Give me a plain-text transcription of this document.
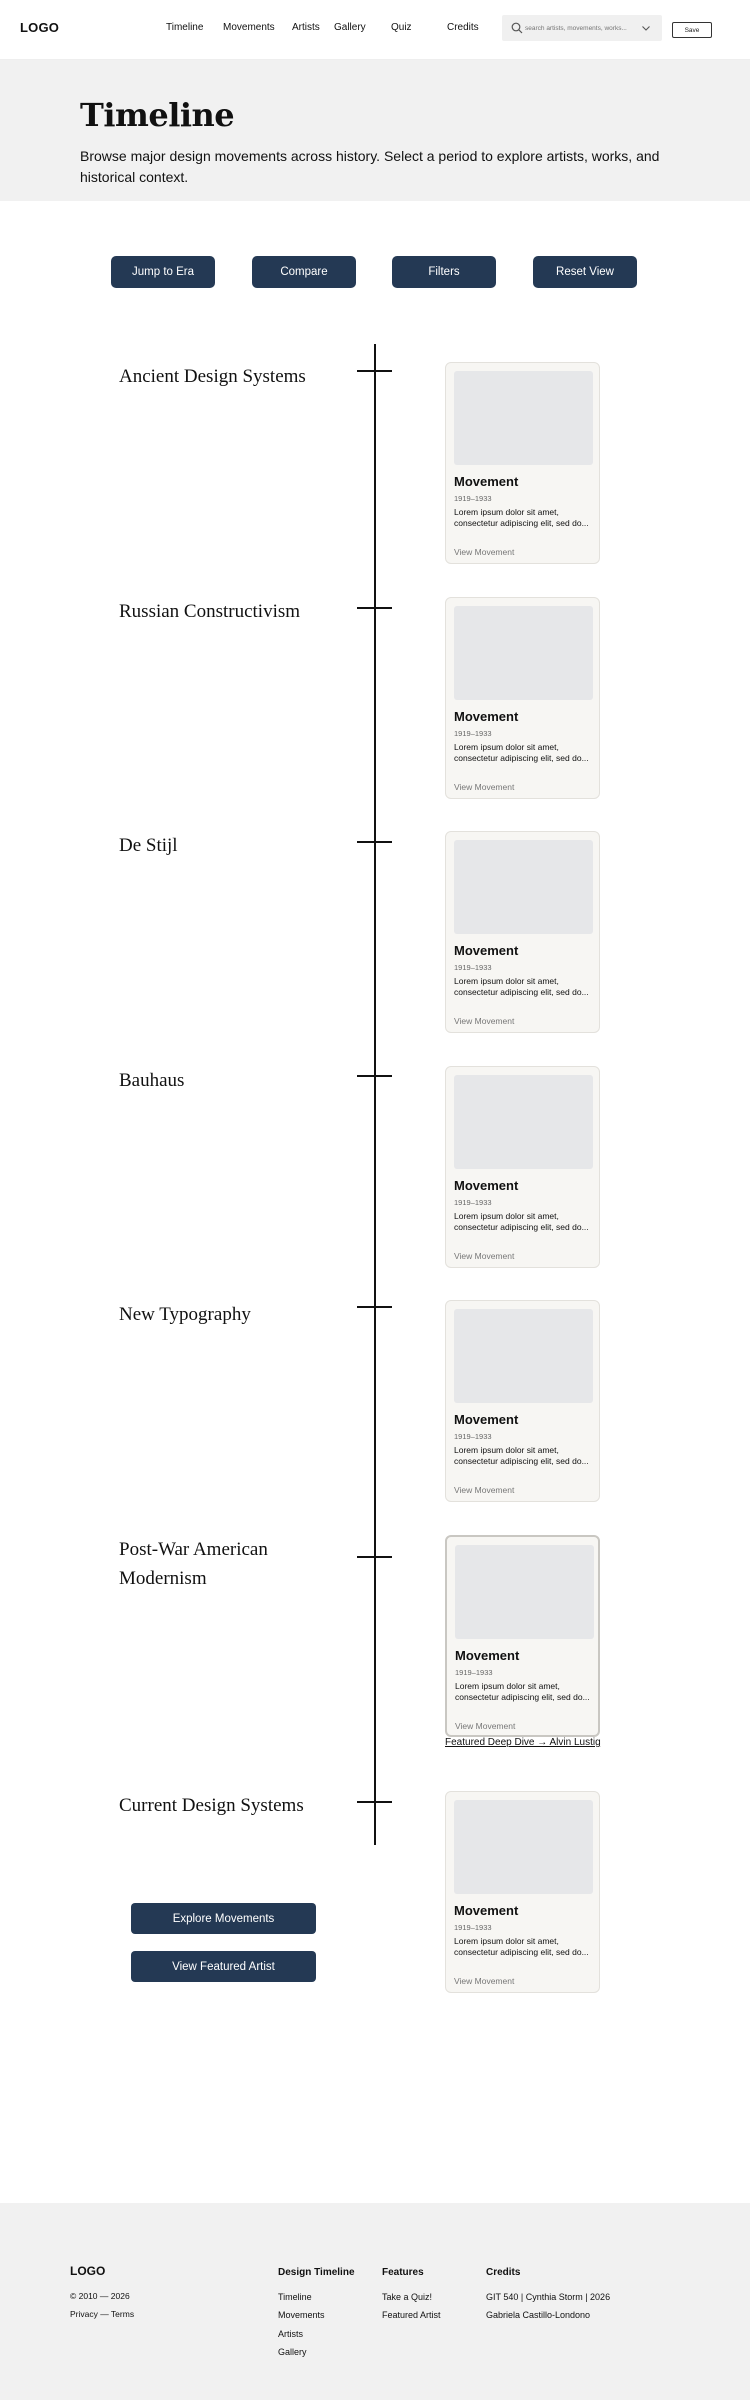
LOGO	Timeline Movements Artists Gallery	Quiz	Credits
search artists, movements, works...	Save
Timeline

Browse major design movements across history. Select a period to explore artists, works, and historical context.

Jump to Era	Compare	Filters	Reset View
Ancient Design Systems
Movement
1919–1933
Lorem ipsum dolor sit amet, consectetur adipiscing elit, sed do...
View Movement
Russian Constructivism
Movement
1919–1933
Lorem ipsum dolor sit amet, consectetur adipiscing elit, sed do...
View Movement
De Stijl
Movement
1919–1933
Lorem ipsum dolor sit amet, consectetur adipiscing elit, sed do...
View Movement
Bauhaus
Movement
1919–1933
Lorem ipsum dolor sit amet, consectetur adipiscing elit, sed do...
View Movement
New Typography
Movement
1919–1933
Lorem ipsum dolor sit amet, consectetur adipiscing elit, sed do...
View Movement
Post-War American Modernism
Movement
1919–1933
Lorem ipsum dolor sit amet, consectetur adipiscing elit, sed do...
View Movement
Featured Deep Dive → Alvin Lustig
Current Design Systems
Movement
1919–1933
Lorem ipsum dolor sit amet, consectetur adipiscing elit, sed do...
View Movement
Explore Movements
View Featured Artist
LOGO
© 2010 — 2026
Privacy — Terms
Design Timeline
Timeline
Movements
Artists
Gallery
Features
Take a Quiz!
Featured Artist
Credits
GIT 540 | Cynthia Storm | 2026
Gabriela Castillo-Londono
